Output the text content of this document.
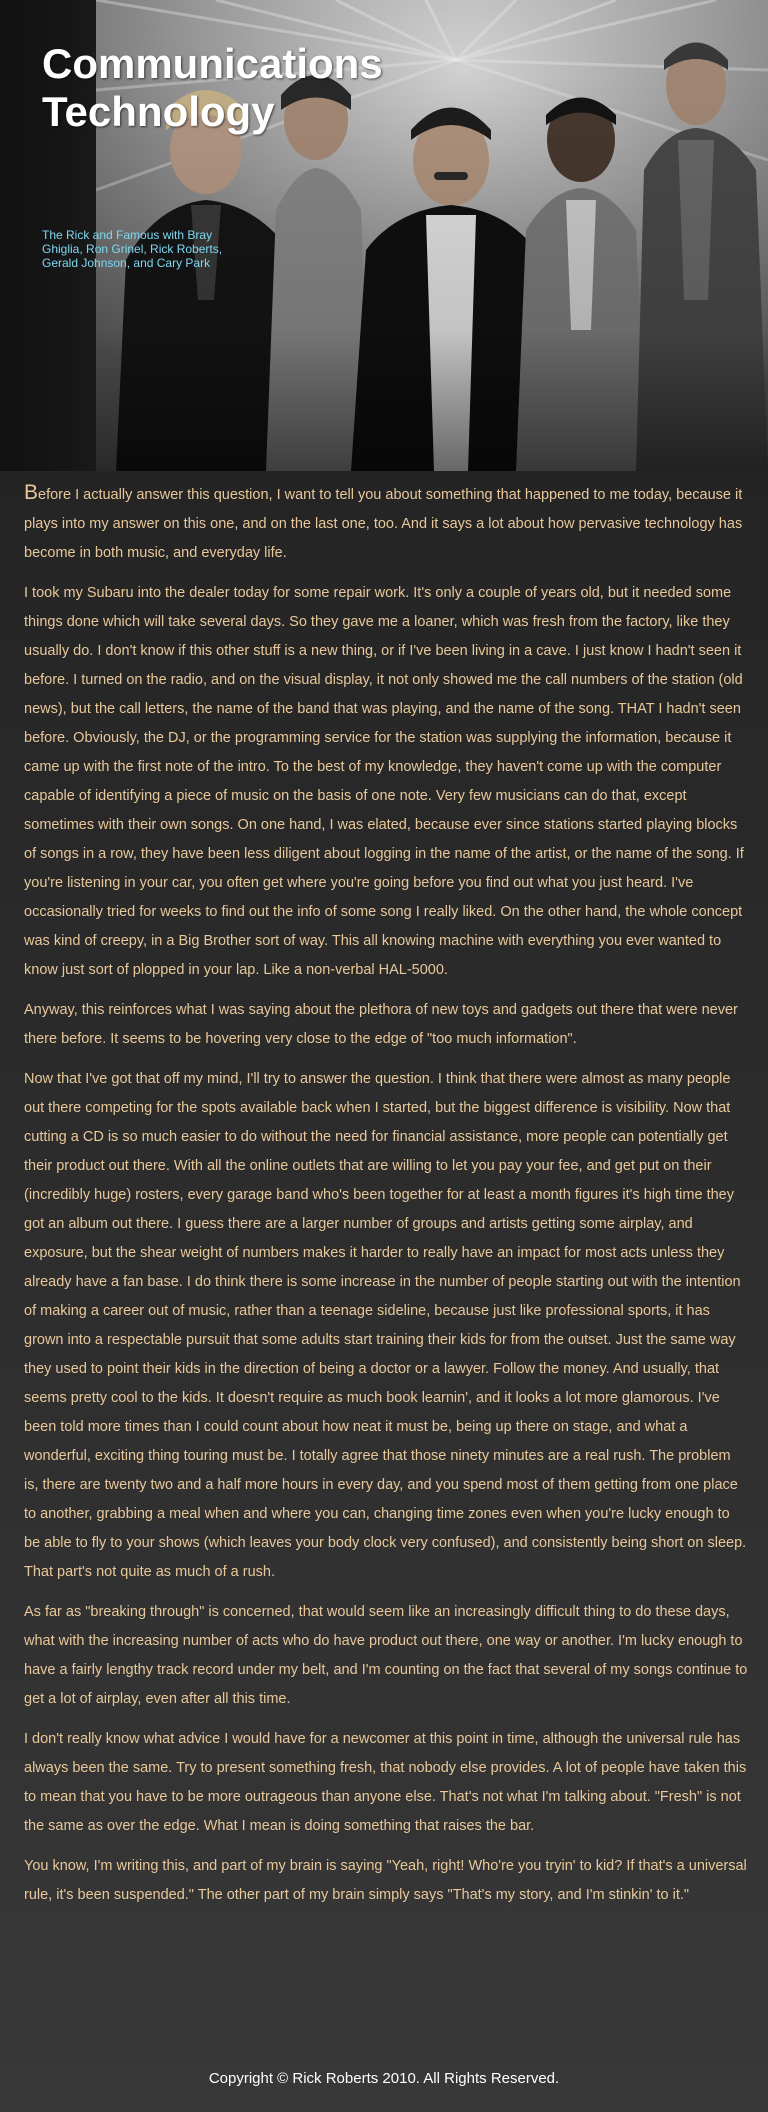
Communications
Technology
The Rick and Famous with Bray Ghiglia, Ron Grinel, Rick Roberts, Gerald Johnson, and Cary Park

Before I actually answer this question, I want to tell you about something that happened to me today, because it plays into my answer on this one, and on the last one, too. And it says a lot about how pervasive technology has become in both music, and everyday life.

I took my Subaru into the dealer today for some repair work. It's only a couple of years old, but it needed some things done which will take several days. So they gave me a loaner, which was fresh from the factory, like they usually do. I don't know if this other stuff is a new thing, or if I've been living in a cave. I just know I hadn't seen it before. I turned on the radio, and on the visual display, it not only showed me the call numbers of the station (old news), but the call letters, the name of the band that was playing, and the name of the song. THAT I hadn't seen before. Obviously, the DJ, or the programming service for the station was supplying the information, because it came up with the first note of the intro. To the best of my knowledge, they haven't come up with the computer capable of identifying a piece of music on the basis of one note. Very few musicians can do that, except sometimes with their own songs. On one hand, I was elated, because ever since stations started playing blocks of songs in a row, they have been less diligent about logging in the name of the artist, or the name of the song. If you're listening in your car, you often get where you're going before you find out what you just heard. I've occasionally tried for weeks to find out the info of some song I really liked. On the other hand, the whole concept was kind of creepy, in a Big Brother sort of way. This all knowing machine with everything you ever wanted to know just sort of plopped in your lap. Like a non-verbal HAL-5000.

Anyway, this reinforces what I was saying about the plethora of new toys and gadgets out there that were never there before. It seems to be hovering very close to the edge of "too much information".

Now that I've got that off my mind, I'll try to answer the question. I think that there were almost as many people out there competing for the spots available back when I started, but the biggest difference is visibility. Now that cutting a CD is so much easier to do without the need for financial assistance, more people can potentially get their product out there. With all the online outlets that are willing to let you pay your fee, and get put on their (incredibly huge) rosters, every garage band who's been together for at least a month figures it's high time they got an album out there. I guess there are a larger number of groups and artists getting some airplay, and exposure, but the shear weight of numbers makes it harder to really have an impact for most acts unless they already have a fan base. I do think there is some increase in the number of people starting out with the intention of making a career out of music, rather than a teenage sideline, because just like professional sports, it has grown into a respectable pursuit that some adults start training their kids for from the outset. Just the same way they used to point their kids in the direction of being a doctor or a lawyer. Follow the money. And usually, that seems pretty cool to the kids. It doesn't require as much book learnin', and it looks a lot more glamorous. I've been told more times than I could count about how neat it must be, being up there on stage, and what a wonderful, exciting thing touring must be. I totally agree that those ninety minutes are a real rush. The problem is, there are twenty two and a half more hours in every day, and you spend most of them getting from one place to another, grabbing a meal when and where you can, changing time zones even when you're lucky enough to be able to fly to your shows (which leaves your body clock very confused), and consistently being short on sleep. That part's not quite as much of a rush.

As far as "breaking through" is concerned, that would seem like an increasingly difficult thing to do these days, what with the increasing number of acts who do have product out there, one way or another. I'm lucky enough to have a fairly lengthy track record under my belt, and I'm counting on the fact that several of my songs continue to get a lot of airplay, even after all this time.

I don't really know what advice I would have for a newcomer at this point in time, although the universal rule has always been the same. Try to present something fresh, that nobody else provides. A lot of people have taken this to mean that you have to be more outrageous than anyone else. That's not what I'm talking about. "Fresh" is not the same as over the edge. What I mean is doing something that raises the bar.

You know, I'm writing this, and part of my brain is saying "Yeah, right! Who're you tryin' to kid? If that's a universal rule, it's been suspended." The other part of my brain simply says "That's my story, and I'm stinkin' to it."

Copyright © Rick Roberts 2010. All Rights Reserved.
